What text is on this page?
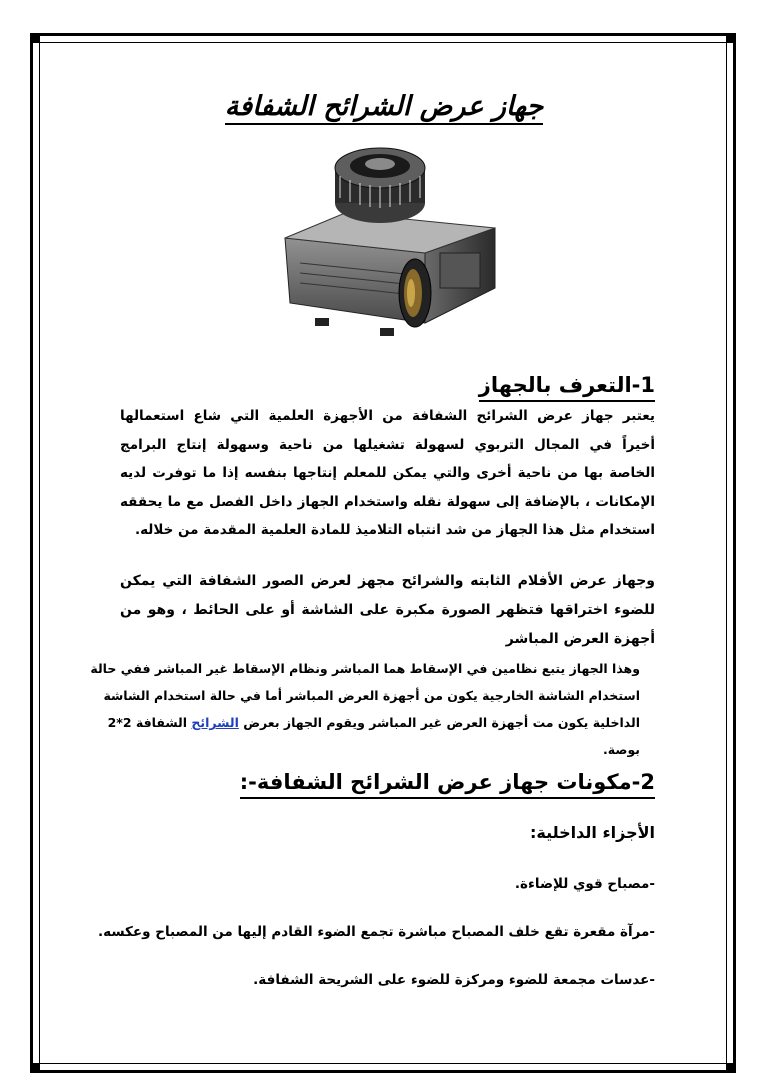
جهاز عرض الشرائح الشفافة
1-التعرف بالجهاز
يعتبر جهاز عرض الشرائح الشفافة من الأجهزة العلمية التي شاع استعمالها
أخيراً في المجال التربوي لسهولة تشغيلها من ناحية وسهولة إنتاج البرامج
الخاصة بها من ناحية أخرى والتي يمكن للمعلم إنتاجها بنفسه إذا ما توفرت لديه
الإمكانات ، بالإضافة إلى سهولة نقله واستخدام الجهاز داخل الفصل مع ما يحققه
استخدام مثل هذا الجهاز من شد انتباه التلاميذ للمادة العلمية المقدمة من خلاله.
وجهاز عرض الأفلام الثابته والشرائح مجهز لعرض الصور الشفافة التي يمكن
للضوء اختراقها فتظهر الصورة مكبرة على الشاشة أو على الحائط ، وهو من
أجهزة العرض المباشر
وهذا الجهاز يتبع نظامين في الإسقاط هما المباشر ونظام الإسقاط غير المباشر ففي حالة
استخدام الشاشة الخارجية يكون من أجهزة العرض المباشر أما في حالة استخدام الشاشة
الداخلية يكون مت أجهزة العرض غير المباشر ويقوم الجهاز بعرض الشرائح الشفافة 2*2
بوصة.
2-مكونات جهاز عرض الشرائح الشفافة-:
الأجزاء الداخلية:
-مصباح قوي للإضاءة.
-مرآة مقعرة تقع خلف المصباح مباشرة تجمع الضوء القادم إليها من المصباح وعكسه.
-عدسات مجمعة للضوء ومركزة للضوء على الشريحة الشفافة.
